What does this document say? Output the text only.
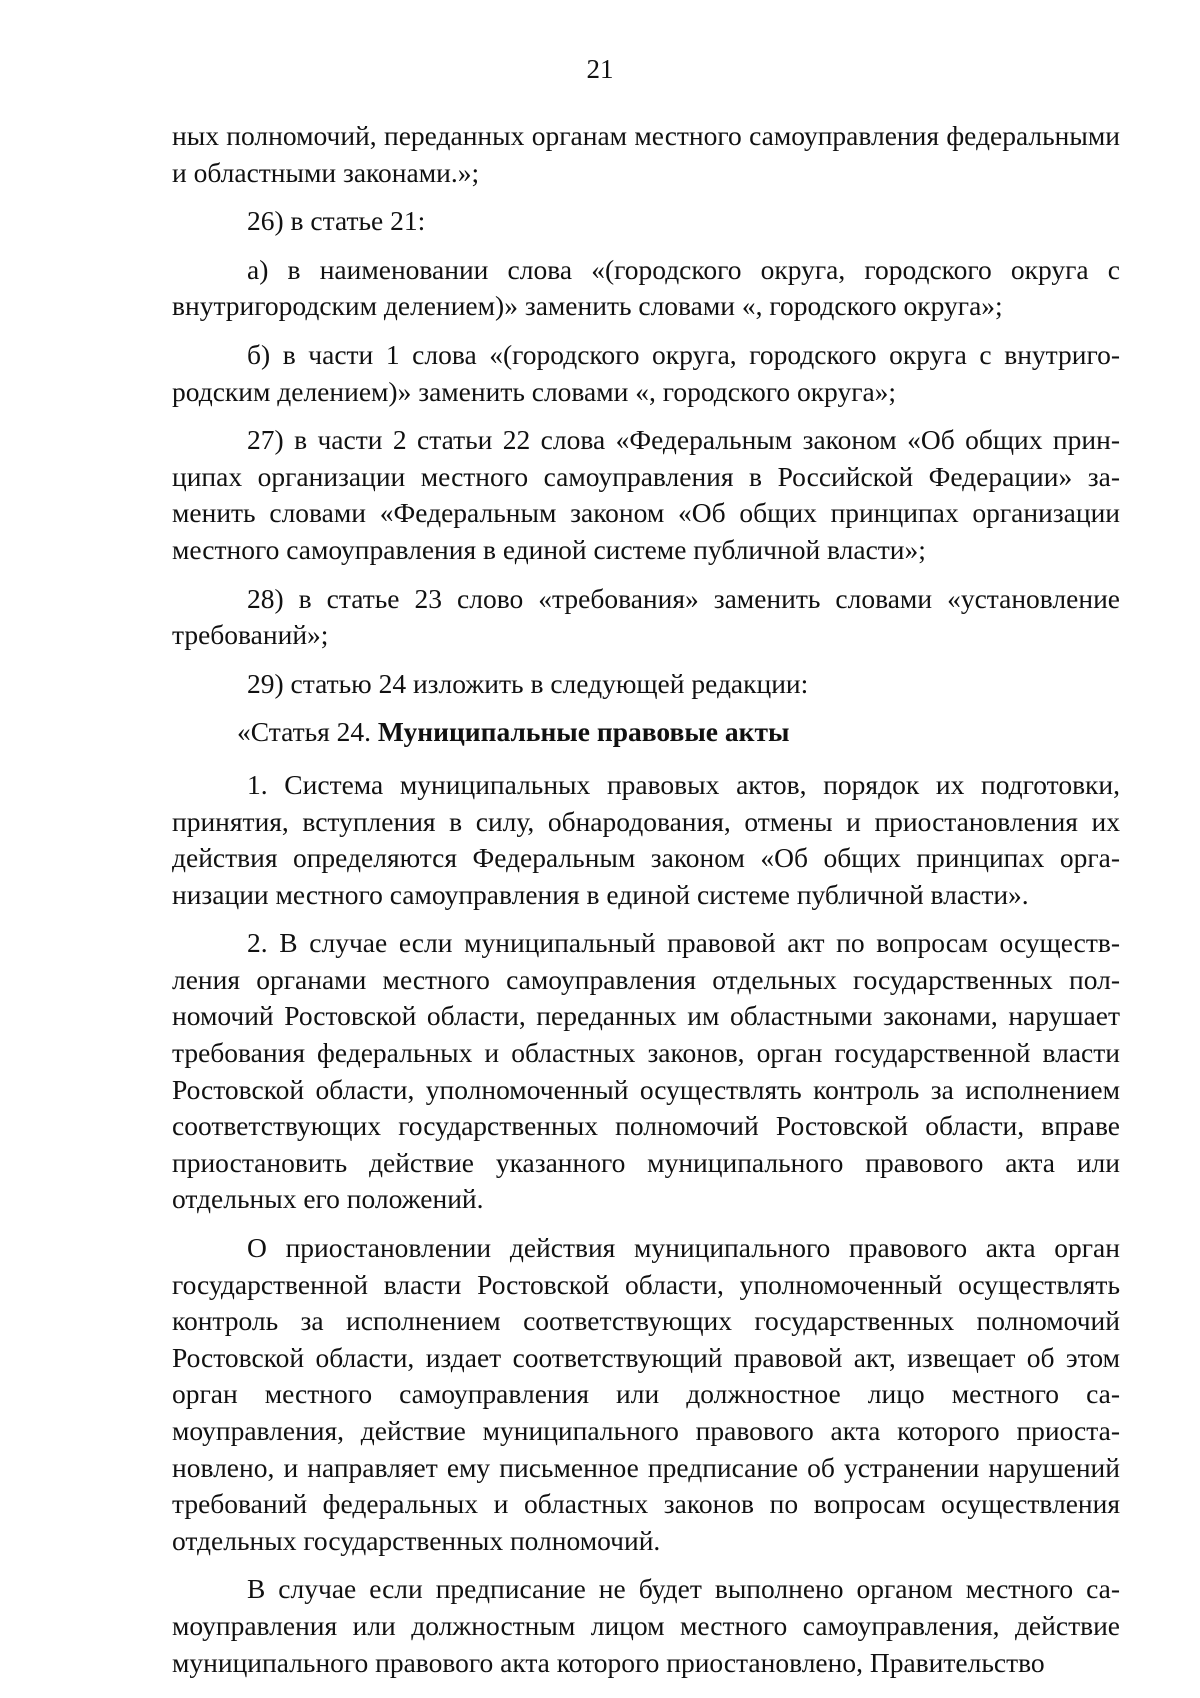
21

ных полномочий, переданных органам местного самоуправления федеральными и областными законами.»;

26) в статье 21:

а) в наименовании слова «(городского округа, городского округа с внутригородским делением)» заменить словами «, городского округа»;

б) в части 1 слова «(городского округа, городского округа с внутригородским делением)» заменить словами «, городского округа»;

27) в части 2 статьи 22 слова «Федеральным законом «Об общих принципах организации местного самоуправления в Российской Федерации» заменить словами «Федеральным законом «Об общих принципах организации местного самоуправления в единой системе публичной власти»;

28) в статье 23 слово «требования» заменить словами «установление требований»;

29) статью 24 изложить в следующей редакции:

«Статья 24. Муниципальные правовые акты

1. Система муниципальных правовых актов, порядок их подготовки, принятия, вступления в силу, обнародования, отмены и приостановления их действия определяются Федеральным законом «Об общих принципах организации местного самоуправления в единой системе публичной власти».

2. В случае если муниципальный правовой акт по вопросам осуществления органами местного самоуправления отдельных государственных полномочий Ростовской области, переданных им областными законами, нарушает требования федеральных и областных законов, орган государственной власти Ростовской области, уполномоченный осуществлять контроль за исполнением соответствующих государственных полномочий Ростовской области, вправе приостановить действие указанного муниципального правового акта или отдельных его положений.

О приостановлении действия муниципального правового акта орган государственной власти Ростовской области, уполномоченный осуществлять контроль за исполнением соответствующих государственных полномочий Ростовской области, издает соответствующий правовой акт, извещает об этом орган местного самоуправления или должностное лицо местного самоуправления, действие муниципального правового акта которого приостановлено, и направляет ему письменное предписание об устранении нарушений требований федеральных и областных законов по вопросам осуществления отдельных государственных полномочий.

В случае если предписание не будет выполнено органом местного самоуправления или должностным лицом местного самоуправления, действие муниципального правового акта которого приостановлено, Правительство
